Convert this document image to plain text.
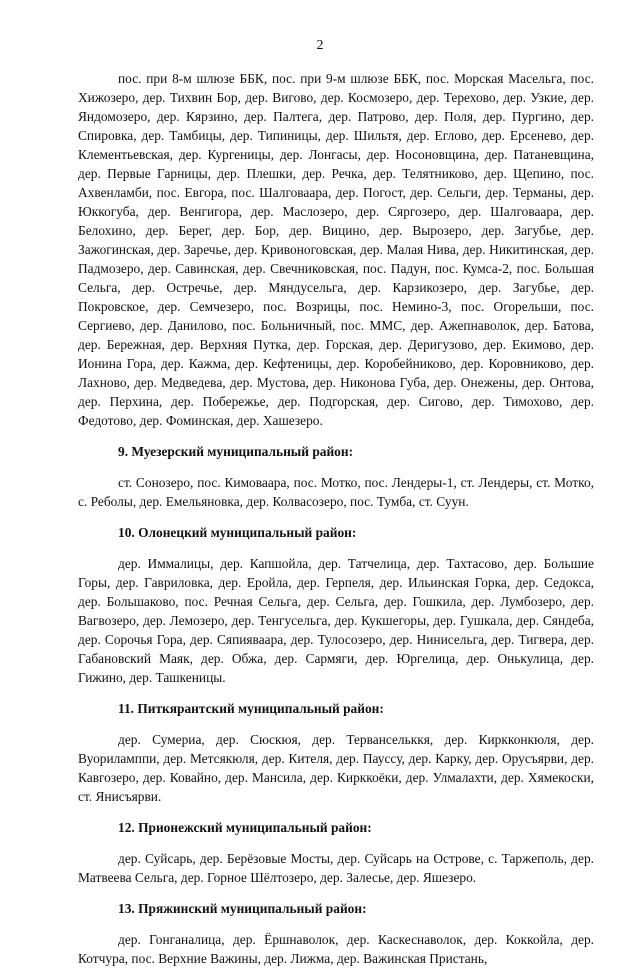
2

пос. при 8-м шлюзе ББК, пос. при 9-м шлюзе ББК, пос. Морская Масельга, пос. Хижозеро, дер. Тихвин Бор, дер. Вигово, дер. Космозеро, дер. Терехово, дер. Узкие, дер. Яндомозеро, дер. Кярзино, дер. Палтега, дер. Патрово, дер. Поля, дер. Пургино, дер. Спировка, дер. Тамбицы, дер. Типиницы, дер. Шильтя, дер. Еглово, дер. Ерсенево, дер. Клементьевская, дер. Кургеницы, дер. Лонгасы, дер. Носоновщина, дер. Патаневщина, дер. Первые Гарницы, дер. Плешки, дер. Речка, дер. Телятниково, дер. Щепино, пос. Ахвенламби, пос. Евгора, пос. Шалговаара, дер. Погост, дер. Сельги, дер. Терманы, дер. Юккогуба, дер. Венгигора, дер. Маслозеро, дер. Сяргозеро, дер. Шалговаара, дер. Белохино, дер. Берег, дер. Бор, дер. Вицино, дер. Вырозеро, дер. Загубье, дер. Зажогинская, дер. Заречье, дер. Кривоноговская, дер. Малая Нива, дер. Никитинская, дер. Падмозеро, дер. Савинская, дер. Свечниковская, пос. Падун, пос. Кумса-2, пос. Большая Сельга, дер. Остречье, дер. Мяндусельга, дер. Карзикозеро, дер. Загубье, дер. Покровское, дер. Семчезеро, пос. Возрицы, пос. Немино-3, пос. Огорельши, пос. Сергиево, дер. Данилово, пос. Больничный, пос. ММС, дер. Ажепнаволок, дер. Батова, дер. Бережная, дер. Верхняя Путка, дер. Горская, дер. Деригузово, дер. Екимово, дер. Ионина Гора, дер. Кажма, дер. Кефтеницы, дер. Коробейниково, дер. Коровниково, дер. Лахново, дер. Медведева, дер. Мустова, дер. Никонова Губа, дер. Онежены, дер. Онтова, дер. Перхина, дер. Побережье, дер. Подгорская, дер. Сигово, дер. Тимохово, дер. Федотово, дер. Фоминская, дер. Хашезеро.

9. Муезерский муниципальный район:

ст. Сонозеро, пос. Кимоваара, пос. Мотко, пос. Лендеры-1, ст. Лендеры, ст. Мотко, с. Реболы, дер. Емельяновка, дер. Колвасозеро, пос. Тумба, ст. Суун.

10. Олонецкий муниципальный район:

дер. Иммалицы, дер. Капшойла, дер. Татчелица, дер. Тахтасово, дер. Большие Горы, дер. Гавриловка, дер. Еройла, дер. Герпеля, дер. Ильинская Горка, дер. Седокса, дер. Большаково, пос. Речная Сельга, дер. Сельга, дер. Гошкила, дер. Лумбозеро, дер. Вагвозеро, дер. Лемозеро, дер. Тенгусельга, дер. Кукшегоры, дер. Гушкала, дер. Сяндеба, дер. Сорочья Гора, дер. Сяпияваара, дер. Тулосозеро, дер. Нинисельга, дер. Тигвера, дер. Габановский Маяк, дер. Обжа, дер. Сармяги, дер. Юргелица, дер. Онькулица, дер. Гижино, дер. Ташкеницы.

11. Питкярантский муниципальный район:

дер. Сумериа, дер. Сюскюя, дер. Тервансельккя, дер. Киркконкюля, дер. Вуориламппи, дер. Метсякюля, дер. Кителя, дер. Пауссу, дер. Карку, дер. Орусъярви, дер. Кавгозеро, дер. Ковайно, дер. Мансила, дер. Кирккоёки, дер. Улмалахти, дер. Хямекоски, ст. Янисъярви.

12. Прионежский муниципальный район:

дер. Суйсарь, дер. Берёзовые Мосты, дер. Суйсарь на Острове, с. Таржеполь, дер. Матвеева Сельга, дер. Горное Шёлтозеро, дер. Залесье, дер. Яшезеро.

13. Пряжинский муниципальный район:

дер. Гонганалица, дер. Ёршнаволок, дер. Каскеснаволок, дер. Коккойла, дер. Котчура, пос. Верхние Важины, дер. Лижма, дер. Важинская Пристань,
